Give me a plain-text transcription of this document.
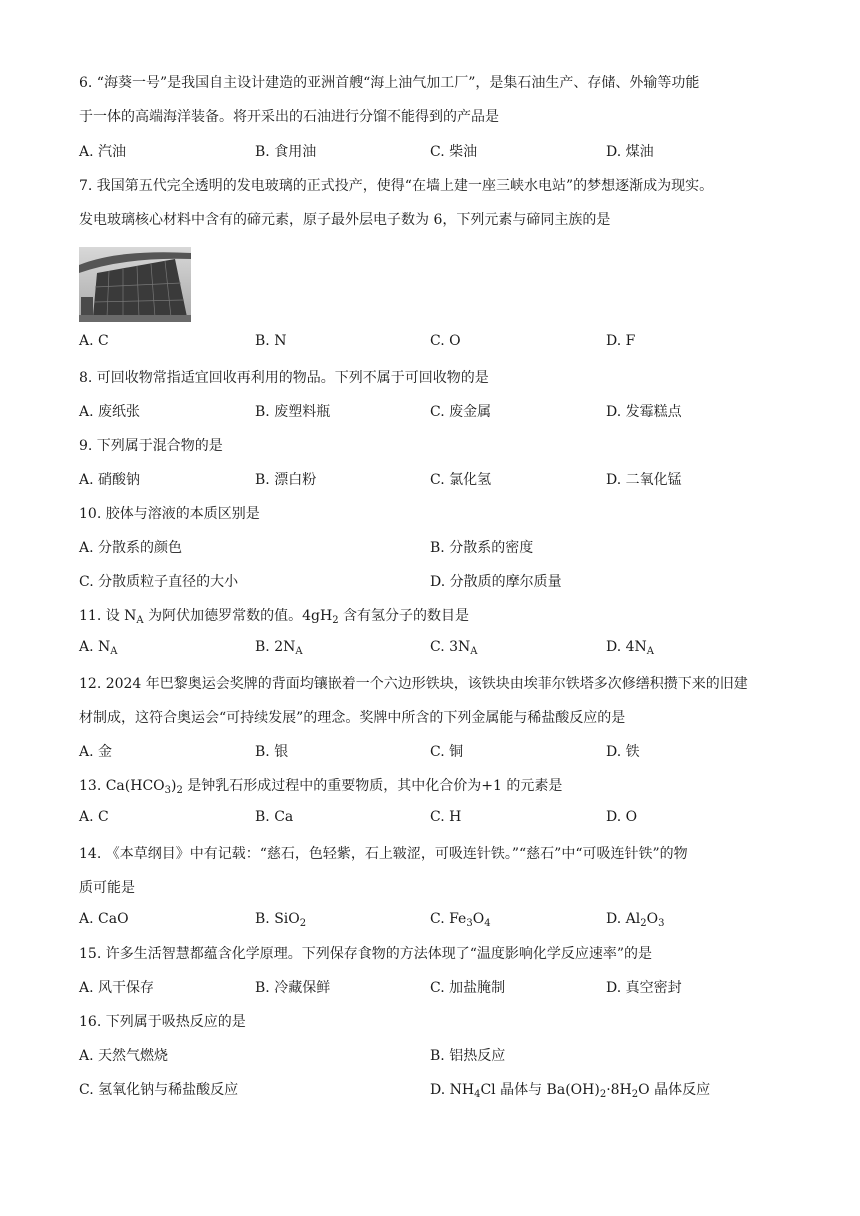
6. “海葵一号”是我国自主设计建造的亚洲首艘“海上油气加工厂”，是集石油生产、存储、外输等功能
于一体的高端海洋装备。将开采出的石油进行分馏不能得到的产品是
A. 汽油	B. 食用油	C. 柴油	D. 煤油
7. 我国第五代完全透明的发电玻璃的正式投产，使得“在墙上建一座三峡水电站”的梦想逐渐成为现实。
发电玻璃核心材料中含有的碲元素，原子最外层电子数为 6，下列元素与碲同主族的是
A. C	B. N	C. O	D. F
8. 可回收物常指适宜回收再利用的物品。下列不属于可回收物的是
A. 废纸张	B. 废塑料瓶	C. 废金属	D. 发霉糕点
9. 下列属于混合物的是
A. 硝酸钠	B. 漂白粉	C. 氯化氢	D. 二氧化锰
10. 胶体与溶液的本质区别是
A. 分散系的颜色	B. 分散系的密度
C. 分散质粒子直径的大小	D. 分散质的摩尔质量
11. 设 $N_A$ 为阿伏加德罗常数的值。$4gH_2$ 含有氢分子的数目是
A. $N_A$	B. $2N_A$	C. $3N_A$	D. $4N_A$
12. 2024 年巴黎奥运会奖牌的背面均镶嵌着一个六边形铁块，该铁块由埃菲尔铁塔多次修缮积攒下来的旧建
材制成，这符合奥运会“可持续发展”的理念。奖牌中所含的下列金属能与稀盐酸反应的是
A. 金	B. 银	C. 铜	D. 铁
13. $Ca(HCO_3)_2$ 是钟乳石形成过程中的重要物质，其中化合价为+1 的元素是
A. C	B. Ca	C. H	D. O
14. 《本草纲目》中有记载：“慈石，色轻紫，石上皲涩，可吸连针铁。”“慈石”中“可吸连针铁”的物
质可能是
A. CaO	B. SiO$_2$	C. $Fe_3O_4$	D. $Al_2O_3$
15. 许多生活智慧都蕴含化学原理。下列保存食物的方法体现了“温度影响化学反应速率”的是
A. 风干保存	B. 冷藏保鲜	C. 加盐腌制	D. 真空密封
16. 下列属于吸热反应的是
A. 天然气燃烧	B. 铝热反应
C. 氢氧化钠与稀盐酸反应	D. $NH_4Cl$ 晶体与 $Ba(OH)_2\cdot 8H_2O$ 晶体反应
